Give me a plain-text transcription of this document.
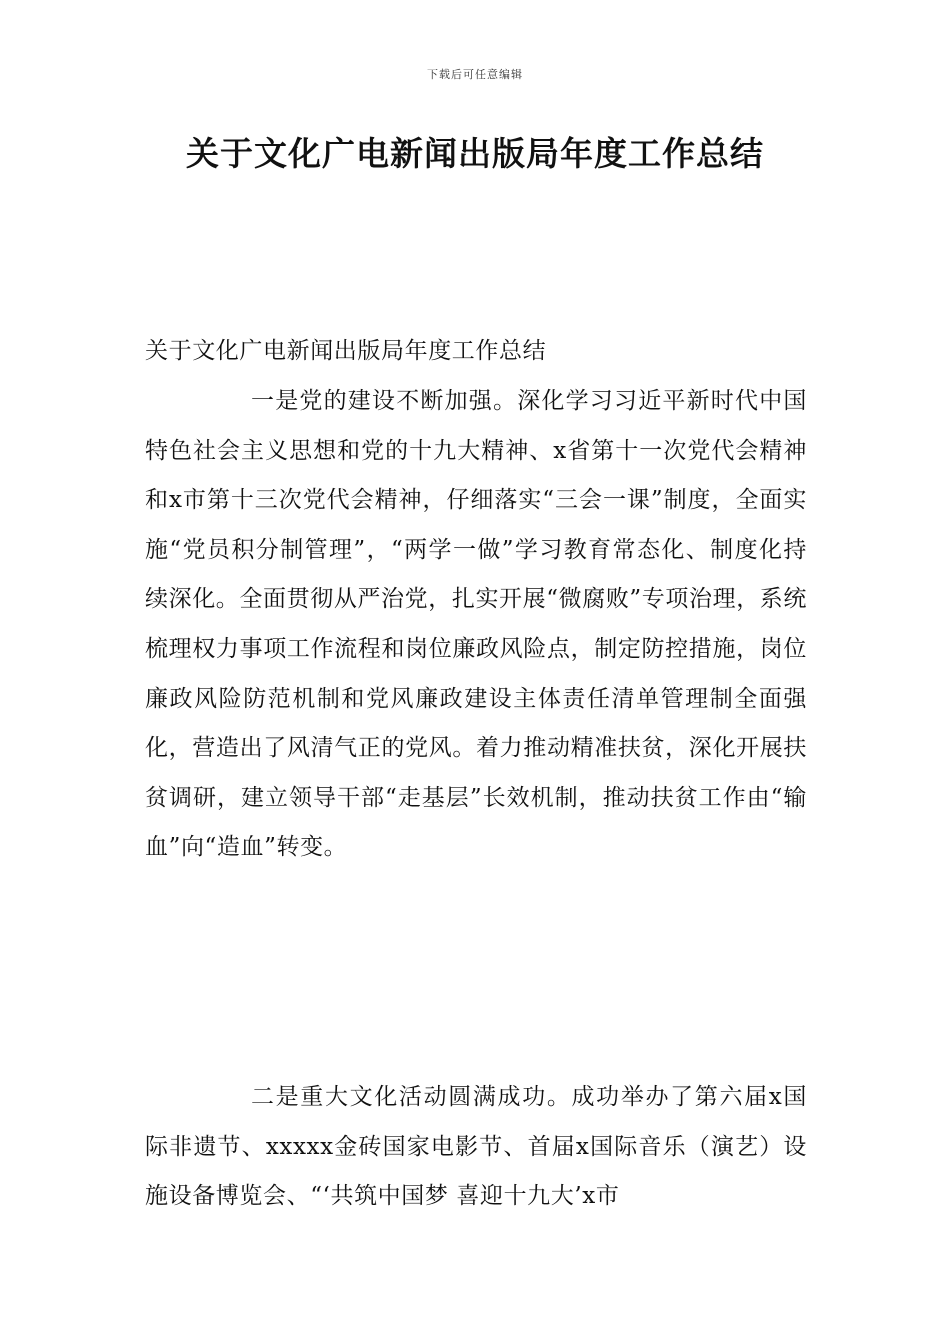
下载后可任意编辑
关于文化广电新闻出版局年度工作总结
关于文化广电新闻出版局年度工作总结
一是党的建设不断加强。深化学习习近平新时代中国特色社会主义思想和党的十九大精神、x省第十一次党代会精神和x市第十三次党代会精神，仔细落实“三会一课”制度，全面实施“党员积分制管理”，“两学一做”学习教育常态化、制度化持续深化。全面贯彻从严治党，扎实开展“微腐败”专项治理，系统梳理权力事项工作流程和岗位廉政风险点，制定防控措施，岗位廉政风险防范机制和党风廉政建设主体责任清单管理制全面强化，营造出了风清气正的党风。着力推动精准扶贫，深化开展扶贫调研，建立领导干部“走基层”长效机制，推动扶贫工作由“输血”向“造血”转变。
二是重大文化活动圆满成功。成功举办了第六届x国际非遗节、xxxxx金砖国家电影节、首届x国际音乐（演艺）设施设备博览会、“‘共筑中国梦 喜迎十九大’x市
